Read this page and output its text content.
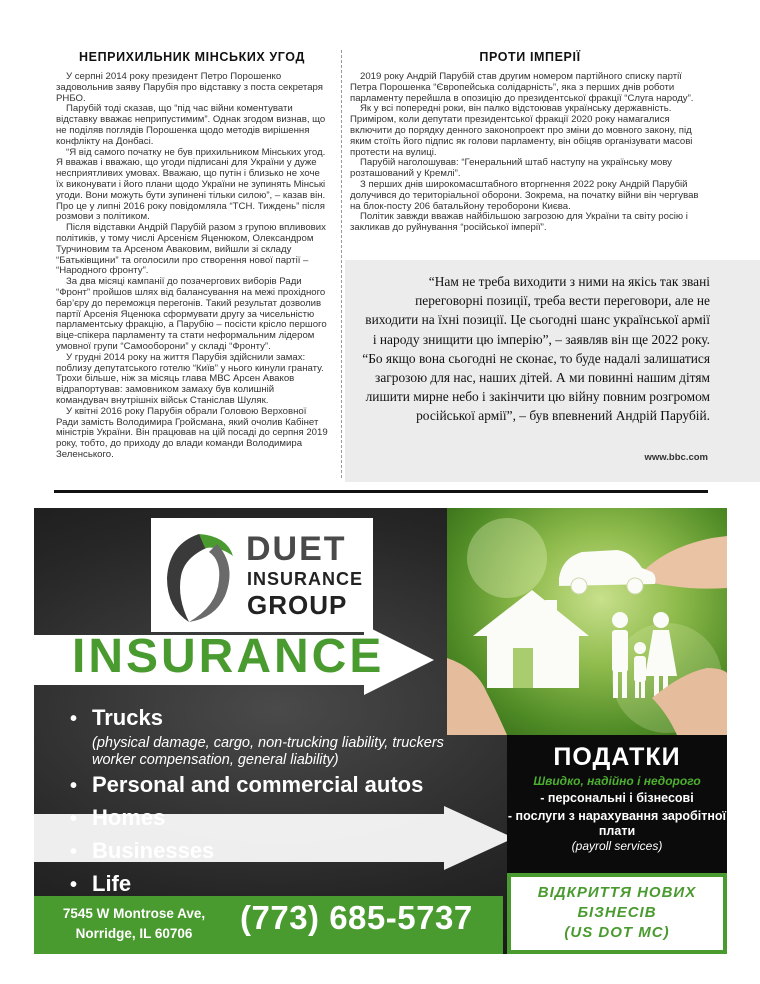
НЕПРИХИЛЬНИК МІНСЬКИХ УГОД

У серпні 2014 року президент Петро Порошенко задовольнив заяву Парубія про відставку з поста секретаря РНБО.

Парубій тоді сказав, що “під час війни коментувати відставку вважає неприпустимим”. Однак згодом визнав, що не поділяв поглядів Порошенка щодо методів вирішення конфлікту на Донбасі.

“Я від самого початку не був прихильником Мінських угод. Я вважав і вважаю, що угоди підписані для України у дуже несприятливих умовах. Вважаю, що путін і близько не хоче їх виконувати і його плани щодо України не зупинять Мінські угоди. Вони можуть бути зупинені тільки силою”, – казав він. Про це у липні 2016 року повідомляла “ТСН. Тиждень” після розмови з політиком.

Після відставки Андрій Парубій разом з групою впливових політиків, у тому числі Арсенієм Яценюком, Олександром Турчиновим та Арсеном Аваковим, вийшли зі складу “Батьківщини” та оголосили про створення нової партії – “Народного фронту”.

За два місяці кампанії до позачергових виборів Ради “Фронт” пройшов шлях від балансування на межі прохідного бар’єру до переможця перегонів. Такий результат дозволив партії Арсенія Яценюка сформувати другу за чисельністю парламентську фракцію, а Парубію – посісти крісло першого віце-спікера парламенту та стати неформальним лідером умовної групи “Самооборони” у складі “Фронту”.

У грудні 2014 року на життя Парубія здійснили замах: поблизу депутатського готелю “Київ” у нього кинули гранату. Трохи більше, ніж за місяць глава МВС Арсен Аваков відрапортував: замовником замаху був колишній командувач внутрішніх військ Станіслав Шуляк.

У квітні 2016 року Парубія обрали Головою Верховної Ради замість Володимира Гройсмана, який очолив Кабінет міністрів України. Він працював на цій посаді до серпня 2019 року, тобто, до приходу до влади команди Володимира Зеленського.

ПРОТИ ІМПЕРІЇ

2019 року Андрій Парубій став другим номером партійного списку партії Петра Порошенка “Європейська солідарність”, яка з перших днів роботи парламенту перейшла в опозицію до президентської фракції “Слуга народу”.

Як у всі попередні роки, він палко відстоював українську державність. Приміром, коли депутати президентської фракції 2020 року намагалися включити до порядку денного законопроект про зміни до мовного закону, під яким стоїть його підпис як голови парламенту, він обіцяв організувати масові протести на вулиці.

Парубій наголошував: “Генеральний штаб наступу на українську мову розташований у Кремлі”.

З перших днів широкомасштабного вторгнення 2022 року Андрій Парубій долучився до територіальної оборони. Зокрема, на початку війни він чергував на блок-посту 206 батальйону тероборони Києва.

Політик завжди вважав найбільшою загрозою для України та світу росію і закликав до руйнування “російської імперії”.

“Нам не треба виходити з ними на якісь так звані переговорні позиції, треба вести переговори, але не виходити на їхні позиції. Це сьогодні шанс української армії і народу знищити цю імперію”, – заявляв він ще 2022 року. “Бо якщо вона сьогодні не сконає, то буде надалі залишатися загрозою для нас, наших дітей. А ми повинні нашим дітям лишити мирне небо і закінчити цю війну повним розгромом російської армії”, – був впевнений Андрій Парубій.
www.bbc.com
DUET
INSURANCE
GROUP
INSURANCE
• Trucks
(physical damage, cargo, non-trucking liability, truckers worker compensation, general liability)
• Personal and commercial autos
• Homes
• Businesses
• Life
ПОДАТКИ
Швидко, надійно і недорого
- персональні і бізнесові
- послуги з нарахування заробітної плати
(payroll services)
ВІДКРИТТЯ НОВИХ
БІЗНЕСІВ
(US DOT MC)
7545 W Montrose Ave,
Norridge, IL 60706	(773) 685-5737
